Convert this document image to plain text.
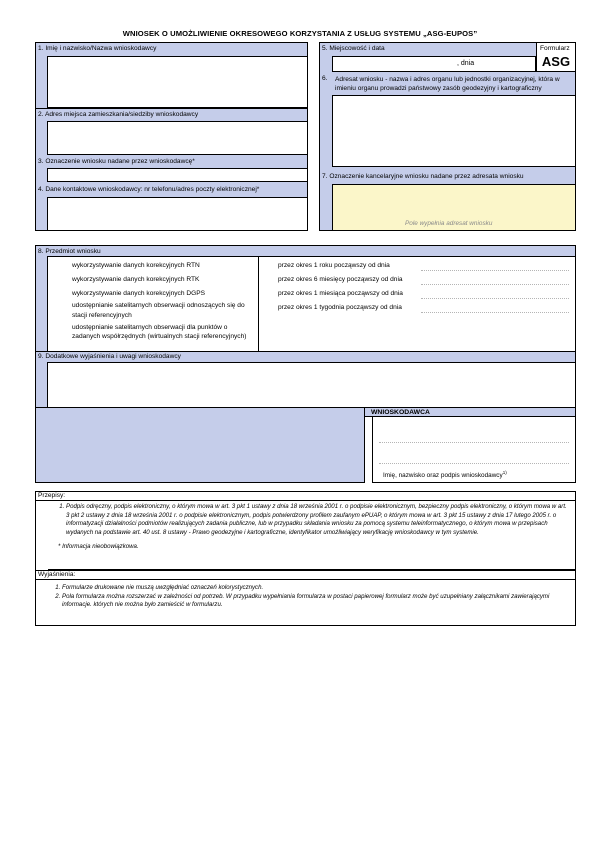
WNIOSEK O UMOŻLIWIENIE OKRESOWEGO KORZYSTANIA Z USŁUG SYSTEMU „ASG-EUPOS”
1. Imię i nazwisko/Nazwa wnioskodawcy
2. Adres miejsca zamieszkania/siedziby wnioskodawcy
3. Oznaczenie wniosku nadane przez wnioskodawcę*
4. Dane kontaktowe wnioskodawcy: nr telefonu/adres poczty elektronicznej*
5. Miejscowość i data
, dnia
Formularz
ASG
6. Adresat wniosku - nazwa i adres organu lub jednostki organizacyjnej, która w imieniu organu prowadzi państwowy zasób geodezyjny i kartograficzny
7. Oznaczenie kancelaryjne wniosku nadane przez adresata wniosku
Pole wypełnia adresat wniosku
8. Przedmiot wniosku
wykorzystywanie danych korekcyjnych RTN
wykorzystywanie danych korekcyjnych RTK
wykorzystywanie danych korekcyjnych DGPS
udostępnianie satelitarnych obserwacji odnoszących się do stacji referencyjnych
udostępnianie satelitarnych obserwacji dla punktów o zadanych współrzędnych (wirtualnych stacji referencyjnych)
przez okres 1 roku począwszy od dnia
przez okres 6 miesięcy począwszy od dnia
przez okres 1 miesiąca począwszy od dnia
przez okres 1 tygodnia począwszy od dnia
9. Dodatkowe wyjaśnienia i uwagi wnioskodawcy
WNIOSKODAWCA
Imię, nazwisko oraz podpis wnioskodawcy$^{1)}$
Przepisy:
1. Podpis odręczny, podpis elektroniczny, o którym mowa w art. 3 pkt 1 ustawy z dnia 18 września 2001 r. o podpisie elektronicznym, bezpieczny podpis elektroniczny, o którym mowa w art. 3 pkt 2 ustawy z dnia 18 września 2001 r. o podpisie elektronicznym, podpis potwierdzony profilem zaufanym ePUAP, o którym mowa w art. 3 pkt 15 ustawy z dnia 17 lutego 2005 r. o informatyzacji działalności podmiotów realizujących zadania publiczne, lub w przypadku składania wniosku za pomocą systemu teleinformatycznego, o którym mowa w przepisach wydanych na podstawie art. 40 ust. 8 ustawy - Prawo geodezyjne i kartograficzne, identyfikator umożliwiający weryfikację wnioskodawcy w tym systemie.
* Informacja nieobowiązkowa.
Wyjaśnienia:
1. Formularze drukowane nie muszą uwzględniać oznaczeń kolorystycznych.
2. Pola formularza można rozszerzać w zależności od potrzeb. W przypadku wypełniania formularza w postaci papierowej formularz może być uzupełniany załącznikami zawierającymi informacje. których nie można było zamieścić w formularzu.
